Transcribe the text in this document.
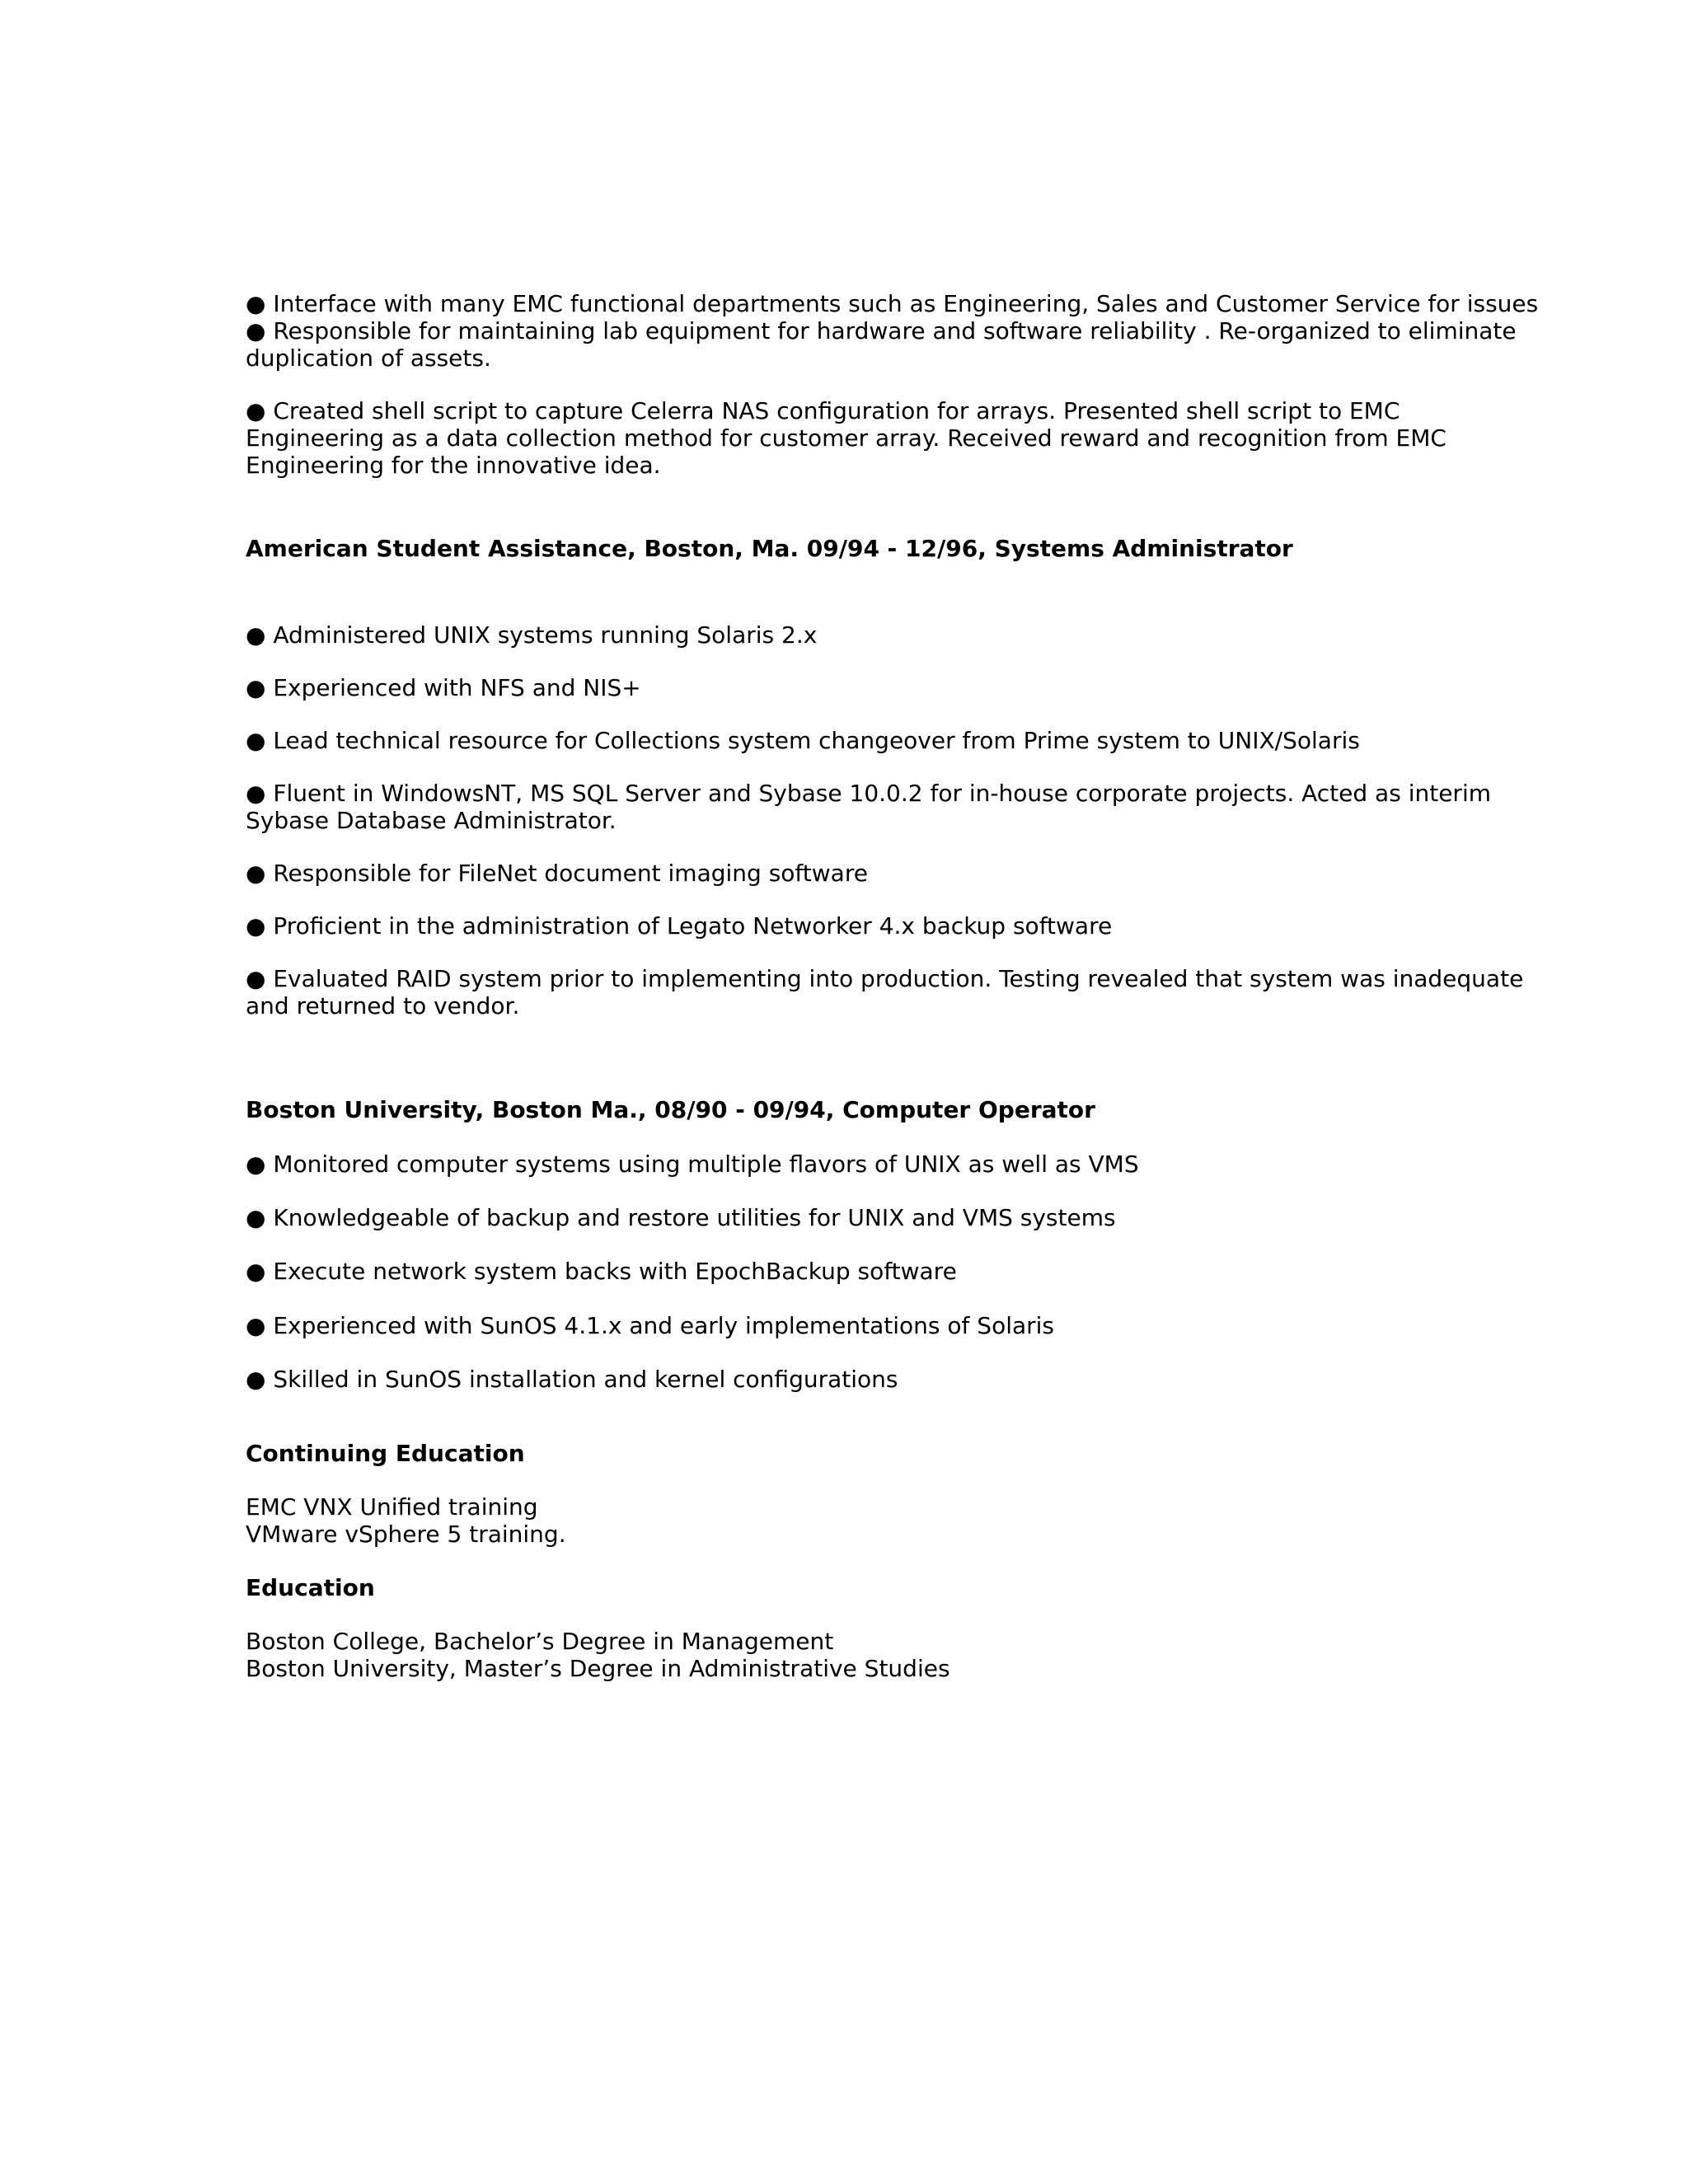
● Interface with many EMC functional departments such as Engineering, Sales and Customer Service for issues

● Responsible for maintaining lab equipment for hardware and software reliability . Re-organized to eliminate

duplication of assets.

● Created shell script to capture Celerra NAS configuration for arrays. Presented shell script to EMC

Engineering as a data collection method for customer array. Received reward and recognition from EMC

Engineering for the innovative idea.

American Student Assistance, Boston, Ma. 09/94 - 12/96, Systems Administrator

● Administered UNIX systems running Solaris 2.x

● Experienced with NFS and NIS+

● Lead technical resource for Collections system changeover from Prime system to UNIX/Solaris

● Fluent in WindowsNT, MS SQL Server and Sybase 10.0.2 for in-house corporate projects. Acted as interim

Sybase Database Administrator.

● Responsible for FileNet document imaging software

● Proficient in the administration of Legato Networker 4.x backup software

● Evaluated RAID system prior to implementing into production. Testing revealed that system was inadequate

and returned to vendor.

Boston University, Boston Ma., 08/90 - 09/94, Computer Operator

● Monitored computer systems using multiple flavors of UNIX as well as VMS

● Knowledgeable of backup and restore utilities for UNIX and VMS systems

● Execute network system backs with EpochBackup software

● Experienced with SunOS 4.1.x and early implementations of Solaris

● Skilled in SunOS installation and kernel configurations

Continuing Education

EMC VNX Unified training

VMware vSphere 5 training.

Education

Boston College, Bachelor’s Degree in Management

Boston University, Master’s Degree in Administrative Studies
